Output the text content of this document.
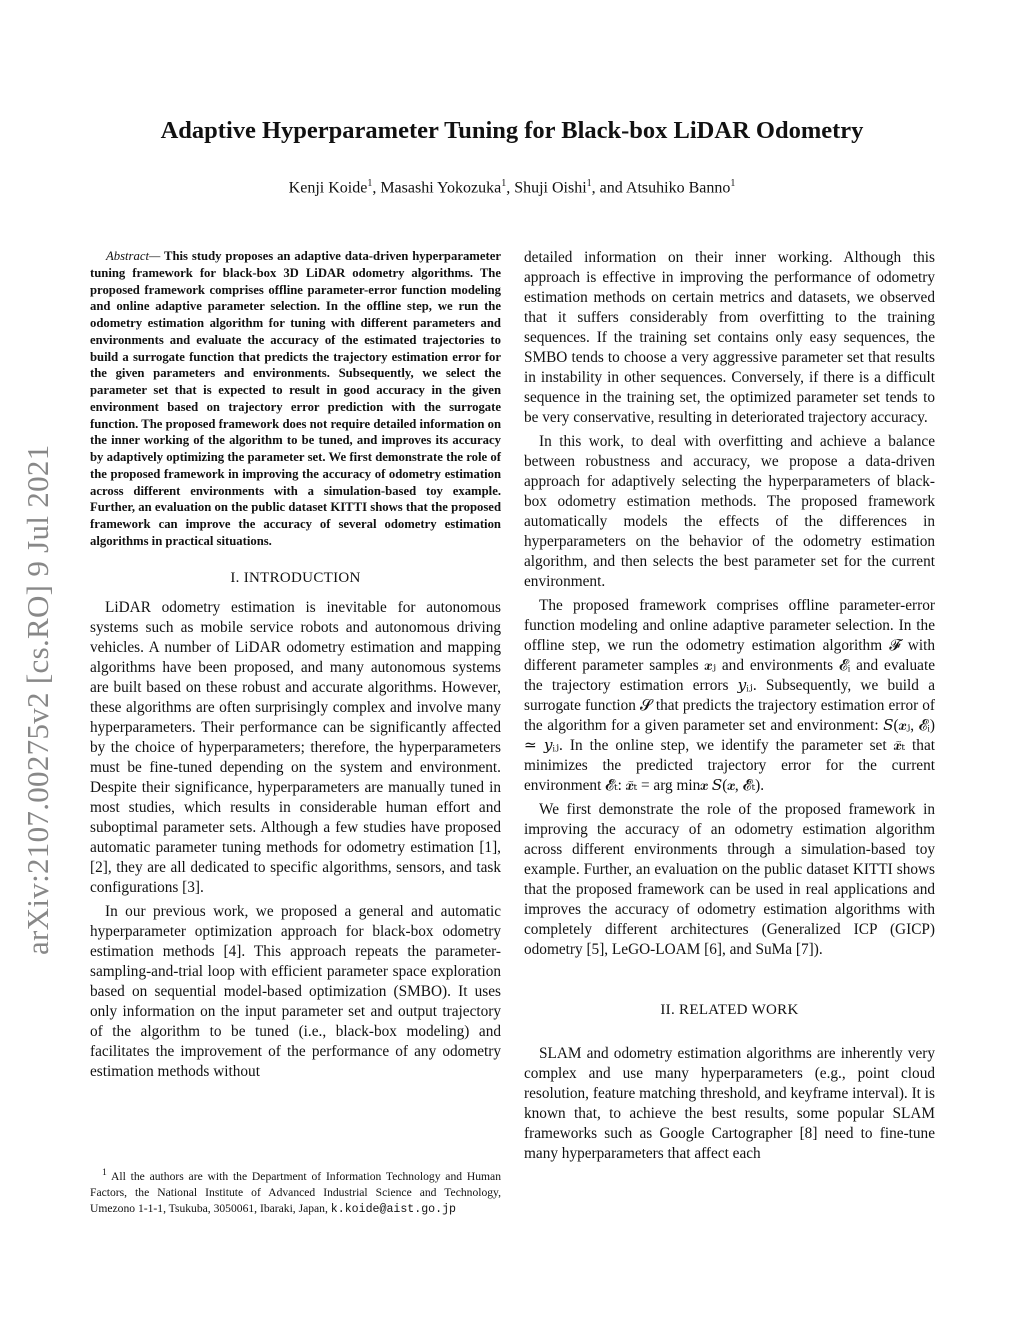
arXiv:2107.00275v2 [cs.RO] 9 Jul 2021
Adaptive Hyperparameter Tuning for Black-box LiDAR Odometry
Kenji Koide$^1$, Masashi Yokozuka$^1$, Shuji Oishi$^1$, and Atsuhiko Banno$^1$
Abstract— This study proposes an adaptive data-driven hyperparameter tuning framework for black-box 3D LiDAR odometry algorithms. The proposed framework comprises offline parameter-error function modeling and online adaptive parameter selection. In the offline step, we run the odometry estimation algorithm for tuning with different parameters and environments and evaluate the accuracy of the estimated trajectories to build a surrogate function that predicts the trajectory estimation error for the given parameters and environments. Subsequently, we select the parameter set that is expected to result in good accuracy in the given environment based on trajectory error prediction with the surrogate function. The proposed framework does not require detailed information on the inner working of the algorithm to be tuned, and improves its accuracy by adaptively optimizing the parameter set. We first demonstrate the role of the proposed framework in improving the accuracy of odometry estimation across different environments with a simulation-based toy example. Further, an evaluation on the public dataset KITTI shows that the proposed framework can improve the accuracy of several odometry estimation algorithms in practical situations.
I. INTRODUCTION

LiDAR odometry estimation is inevitable for autonomous systems such as mobile service robots and autonomous driving vehicles. A number of LiDAR odometry estimation and mapping algorithms have been proposed, and many autonomous systems are built based on these robust and accurate algorithms. However, these algorithms are often surprisingly complex and involve many hyperparameters. Their performance can be significantly affected by the choice of hyperparameters; therefore, the hyperparameters must be fine-tuned depending on the system and environment. Despite their significance, hyperparameters are manually tuned in most studies, which results in considerable human effort and suboptimal parameter sets. Although a few studies have proposed automatic parameter tuning methods for odometry estimation [1], [2], they are all dedicated to specific algorithms, sensors, and task configurations [3].

In our previous work, we proposed a general and automatic hyperparameter optimization approach for black-box odometry estimation methods [4]. This approach repeats the parameter-sampling-and-trial loop with efficient parameter space exploration based on sequential model-based optimization (SMBO). It uses only information on the input parameter set and output trajectory of the algorithm to be tuned (i.e., black-box modeling) and facilitates the improvement of the performance of any odometry estimation methods without

detailed information on their inner working. Although this approach is effective in improving the performance of odometry estimation methods on certain metrics and datasets, we observed that it suffers considerably from overfitting to the training sequences. If the training set contains only easy sequences, the SMBO tends to choose a very aggressive parameter set that results in instability in other sequences. Conversely, if there is a difficult sequence in the training set, the optimized parameter set tends to be very conservative, resulting in deteriorated trajectory accuracy.

In this work, to deal with overfitting and achieve a balance between robustness and accuracy, we propose a data-driven approach for adaptively selecting the hyperparameters of black-box odometry estimation methods. The proposed framework automatically models the effects of the differences in hyperparameters on the behavior of the odometry estimation algorithm, and then selects the best parameter set for the current environment.

The proposed framework comprises offline parameter-error function modeling and online adaptive parameter selection. In the offline step, we run the odometry estimation algorithm 𝓕 with different parameter samples 𝒙ⱼ and environments 𝓔ᵢ and evaluate the trajectory estimation errors 𝑦ᵢⱼ. Subsequently, we build a surrogate function 𝓢 that predicts the trajectory estimation error of the algorithm for a given parameter set and environment: 𝑆(𝒙ⱼ, 𝓔ᵢ) ≃ 𝑦ᵢⱼ. In the online step, we identify the parameter set 𝒙̃ₜ that minimizes the predicted trajectory error for the current environment 𝓔̃ₜ: 𝒙̃ₜ = arg min𝒙 𝑆(𝒙, 𝓔̃ₜ).

We first demonstrate the role of the proposed framework in improving the accuracy of an odometry estimation algorithm across different environments through a simulation-based toy example. Further, an evaluation on the public dataset KITTI shows that the proposed framework can be used in real applications and improves the accuracy of odometry estimation algorithms with completely different architectures (Generalized ICP (GICP) odometry [5], LeGO-LOAM [6], and SuMa [7]).

II. RELATED WORK

SLAM and odometry estimation algorithms are inherently very complex and use many hyperparameters (e.g., point cloud resolution, feature matching threshold, and keyframe interval). It is known that, to achieve the best results, some popular SLAM frameworks such as Google Cartographer [8] need to fine-tune many hyperparameters that affect each

$^1$ All the authors are with the Department of Information Technology and Human Factors, the National Institute of Advanced Industrial Science and Technology, Umezono 1-1-1, Tsukuba, 3050061, Ibaraki, Japan, k.koide@aist.go.jp
